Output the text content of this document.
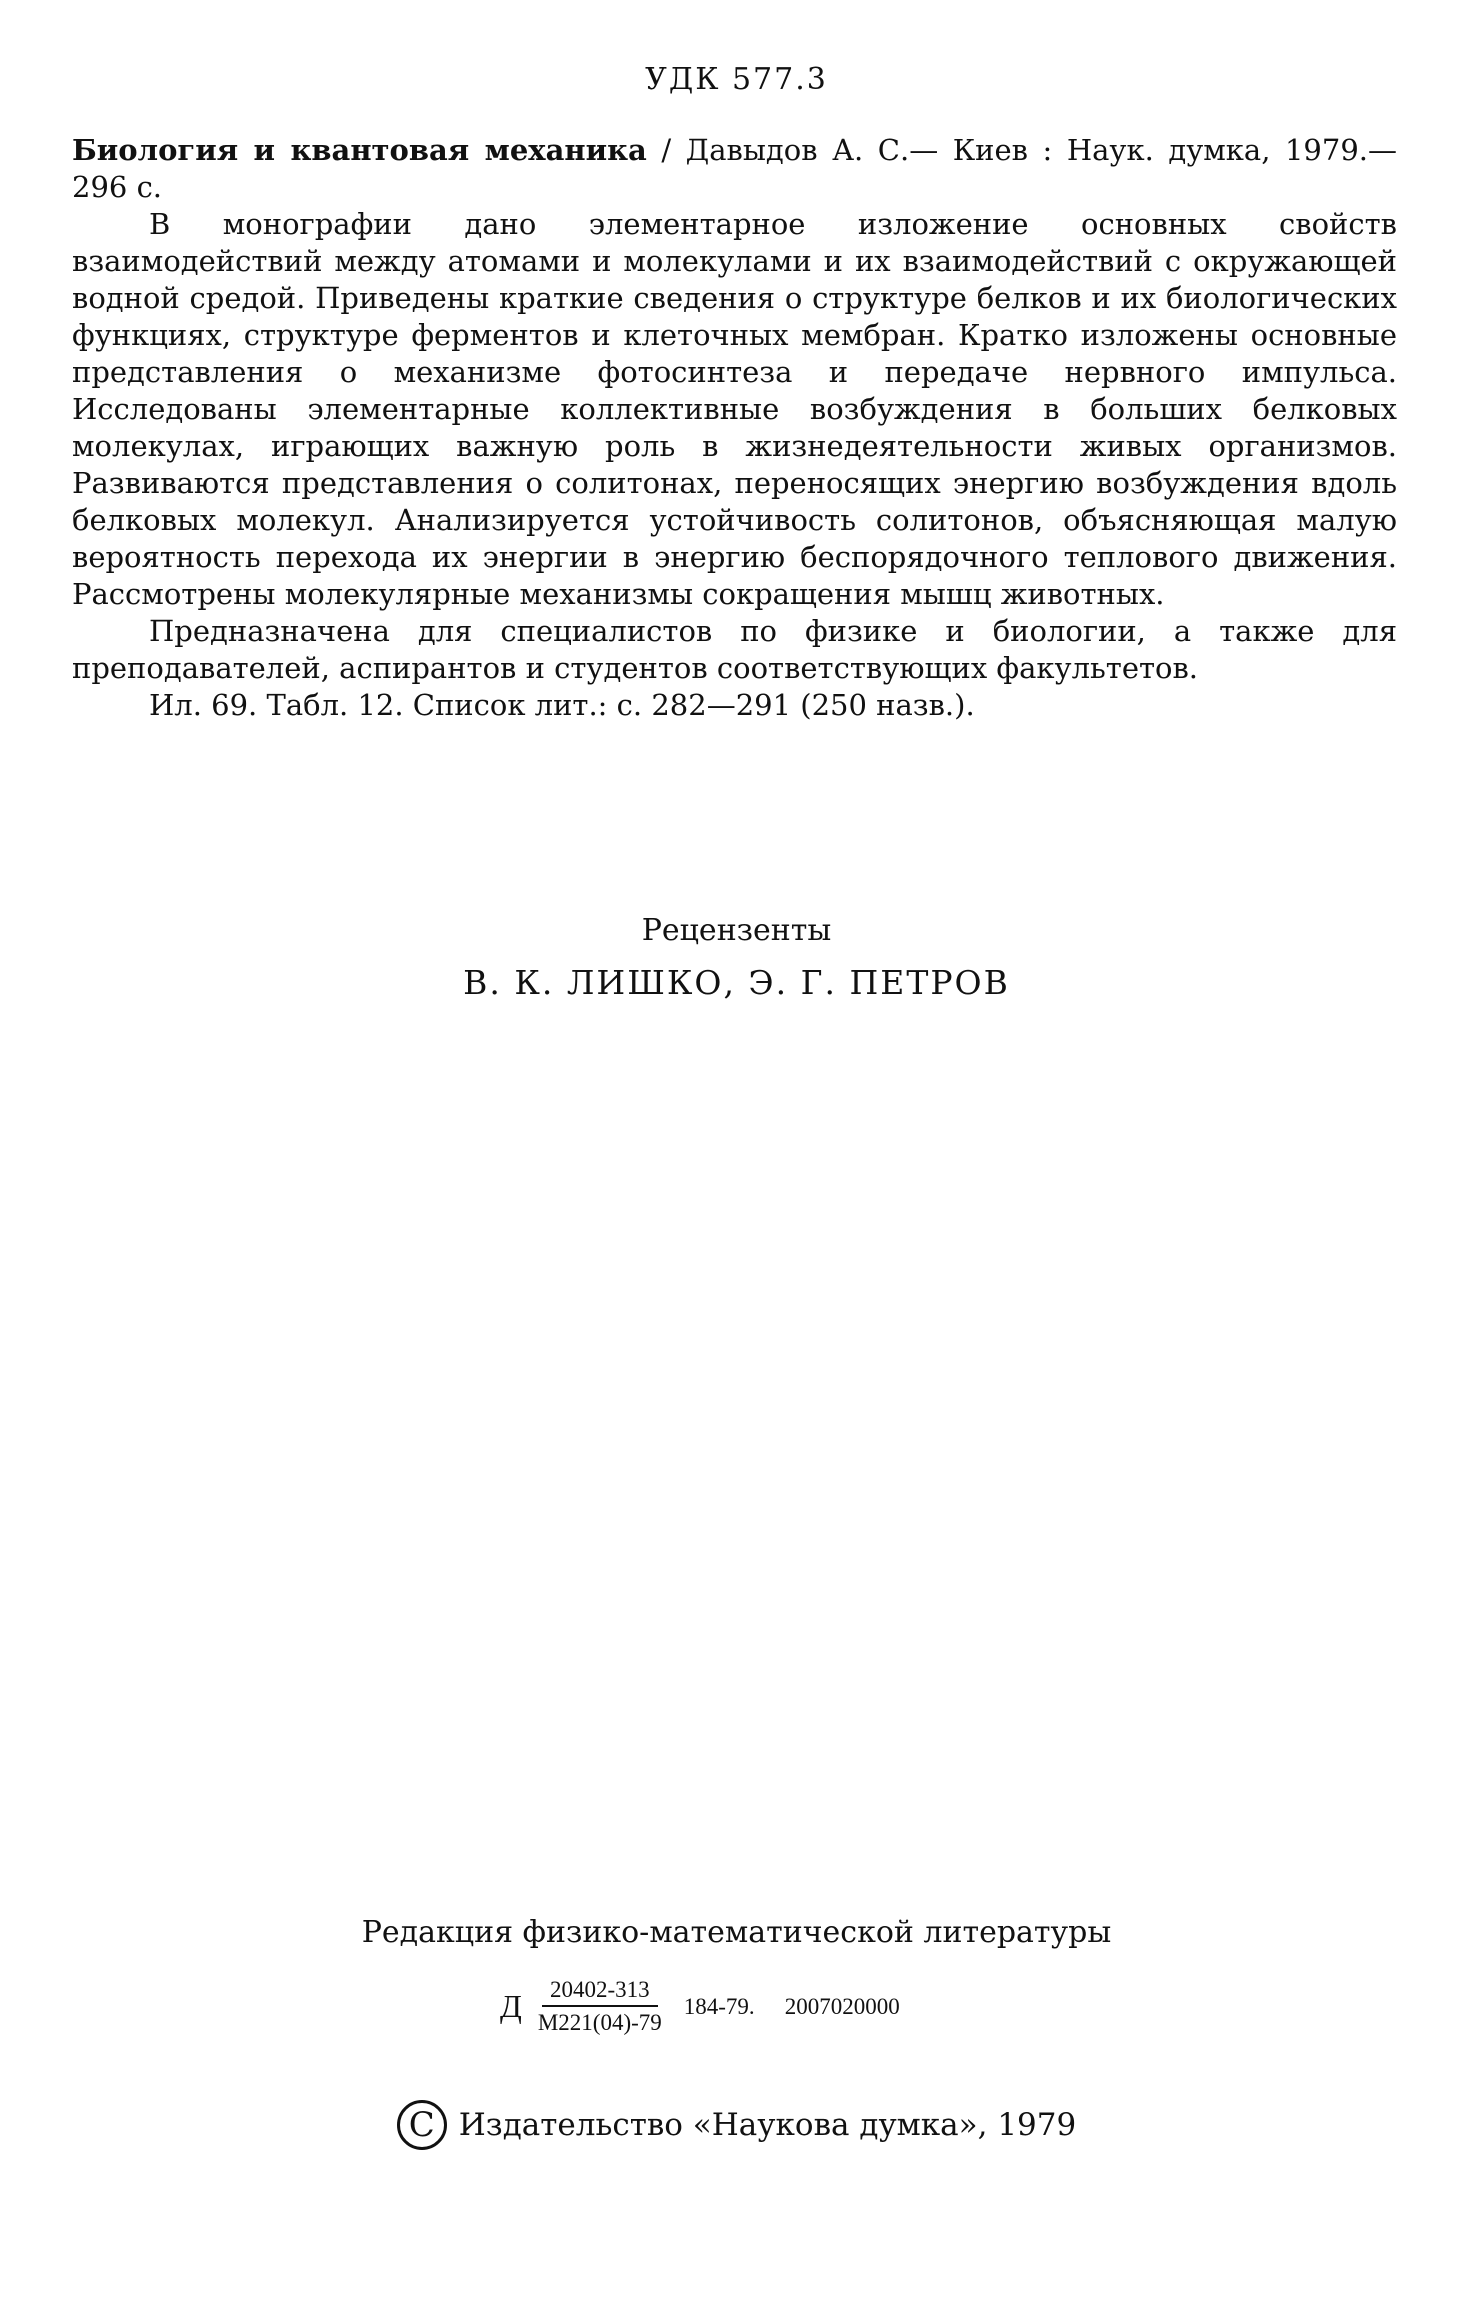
УДК 577.3

Биология и квантовая механика / Давыдов А. С.— Киев : Наук. думка, 1979.— 296 с.

В монографии дано элементарное изложение основных свойств взаимодействий между атомами и молекулами и их взаимодействий с окружающей водной средой. Приведены краткие сведения о структуре белков и их биологических функциях, структуре ферментов и клеточных мембран. Кратко изложены основные представления о механизме фотосинтеза и передаче нервного импульса. Исследованы элементарные коллективные возбуждения в больших белковых молекулах, играющих важную роль в жизнедеятельности живых организмов. Развиваются представления о солитонах, переносящих энергию возбуждения вдоль белковых молекул. Анализируется устойчивость солитонов, объясняющая малую вероятность перехода их энергии в энергию беспорядочного теплового движения. Рассмотрены молекулярные механизмы сокращения мышц животных.

Предназначена для специалистов по физике и биологии, а также для преподавателей, аспирантов и студентов соответствующих факультетов.

Ил. 69. Табл. 12. Список лит.: с. 282—291 (250 назв.).

Рецензенты
В. К. ЛИШКО, Э. Г. ПЕТРОВ
Редакция физико-математической литературы
Д $\frac{20402-313}{М221(04)-79} 184-79$. 2007020000
C Издательство «Наукова думка», 1979
